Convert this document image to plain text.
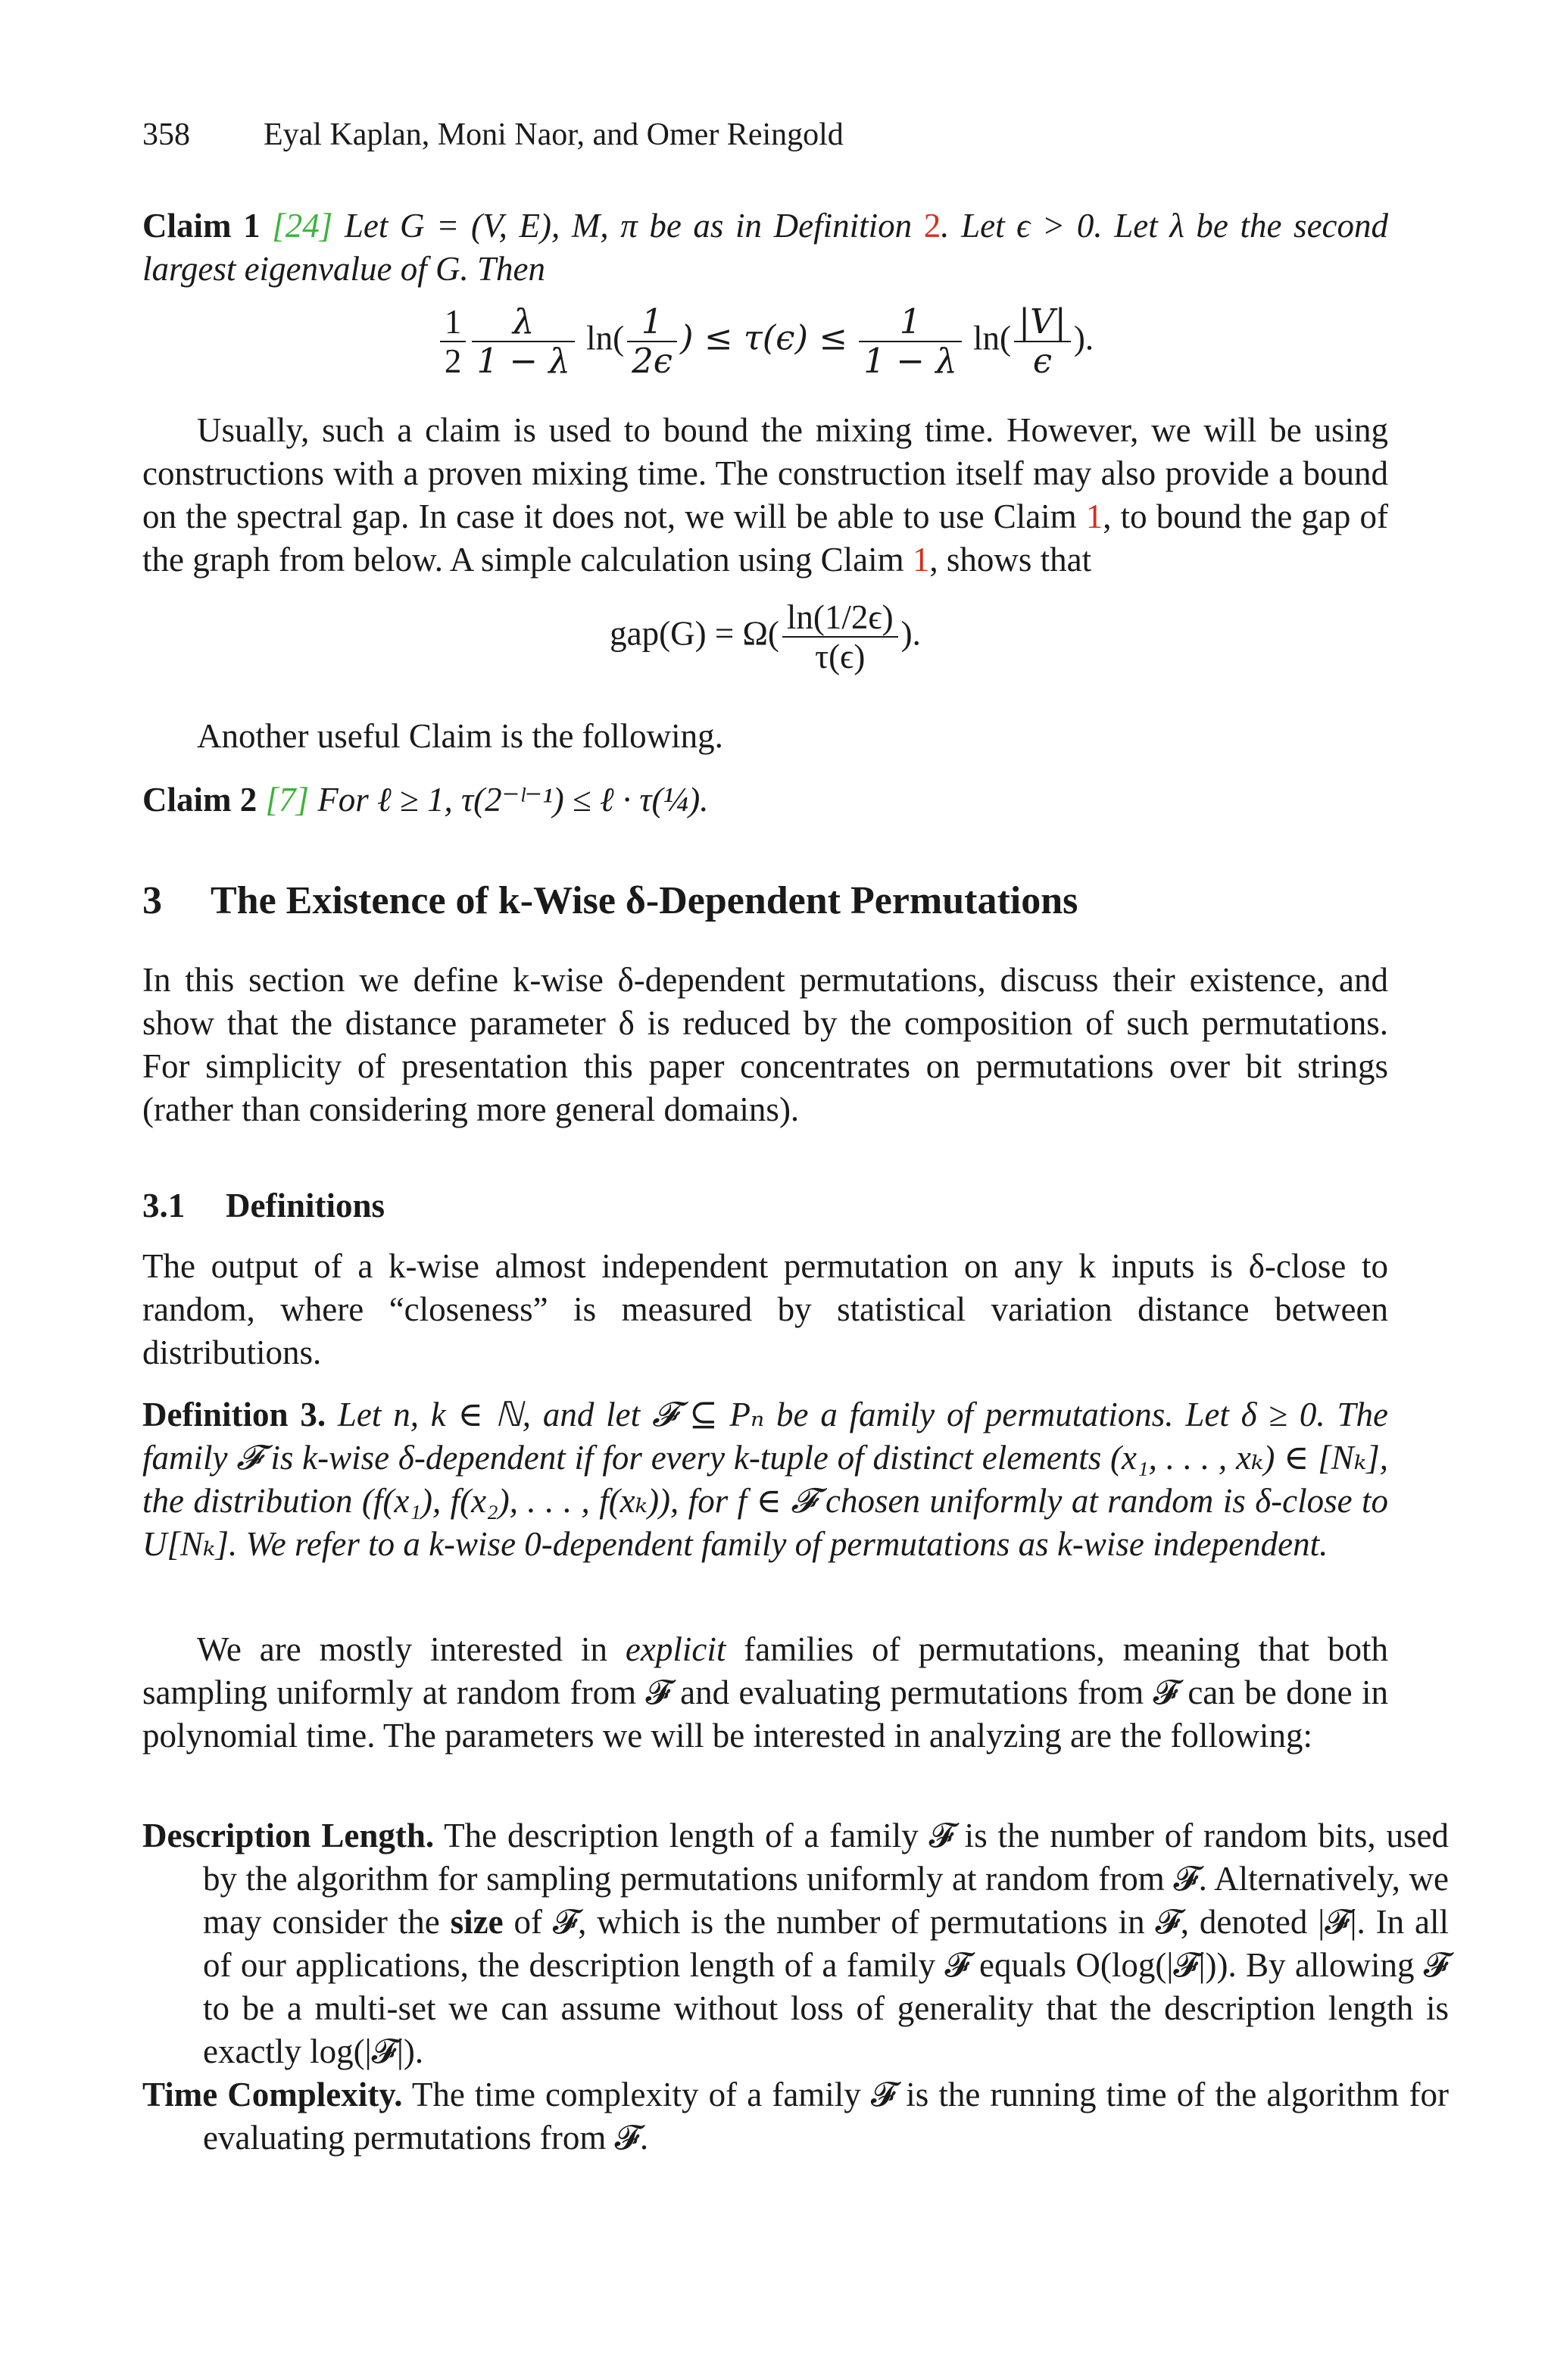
358 Eyal Kaplan, Moni Naor, and Omer Reingold
Claim 1 [24] Let G = (V, E), M, π be as in Definition 2. Let ϵ > 0. Let λ be the second largest eigenvalue of G. Then
$\frac{1}{2} \frac{\lambda}{1 - \lambda} \ln( \frac{1}{2\epsilon}$ ) ≤ $\tau(\epsilon) \le \frac{1}{1 - \lambda} \ln( \frac{|V|}{\epsilon}$ ).
Usually, such a claim is used to bound the mixing time. However, we will be using constructions with a proven mixing time. The construction itself may also provide a bound on the spectral gap. In case it does not, we will be able to use Claim 1, to bound the gap of the graph from below. A simple calculation using Claim 1, shows that
$gap(G) = \Omega( \frac{\ln(1/2\epsilon)}{\tau(\epsilon)}$ ).
Another useful Claim is the following.
Claim 2 [7] For ℓ ≥ 1, τ(2⁻ˡ⁻¹) ≤ ℓ · τ(¼).
3 The Existence of k-Wise δ-Dependent Permutations
In this section we define k-wise δ-dependent permutations, discuss their existence, and show that the distance parameter δ is reduced by the composition of such permutations. For simplicity of presentation this paper concentrates on permutations over bit strings (rather than considering more general domains).
3.1 Definitions
The output of a k-wise almost independent permutation on any k inputs is δ-close to random, where “closeness” is measured by statistical variation distance between distributions.
Definition 3. Let n, k ∈ ℕ, and let 𝓕 ⊆ Pₙ be a family of permutations. Let δ ≥ 0. The family 𝓕 is k-wise δ-dependent if for every k-tuple of distinct elements (x₁, . . . , xₖ) ∈ [Nₖ], the distribution (f(x₁), f(x₂), . . . , f(xₖ)), for f ∈ 𝓕 chosen uniformly at random is δ-close to U[Nₖ]. We refer to a k-wise 0-dependent family of permutations as k-wise independent.
We are mostly interested in explicit families of permutations, meaning that both sampling uniformly at random from 𝓕 and evaluating permutations from 𝓕 can be done in polynomial time. The parameters we will be interested in analyzing are the following:
Description Length. The description length of a family 𝓕 is the number of random bits, used by the algorithm for sampling permutations uniformly at random from 𝓕. Alternatively, we may consider the size of 𝓕, which is the number of permutations in 𝓕, denoted |𝓕|. In all of our applications, the description length of a family 𝓕 equals O(log(|𝓕|)). By allowing 𝓕 to be a multi-set we can assume without loss of generality that the description length is exactly log(|𝓕|).
Time Complexity. The time complexity of a family 𝓕 is the running time of the algorithm for evaluating permutations from 𝓕.
